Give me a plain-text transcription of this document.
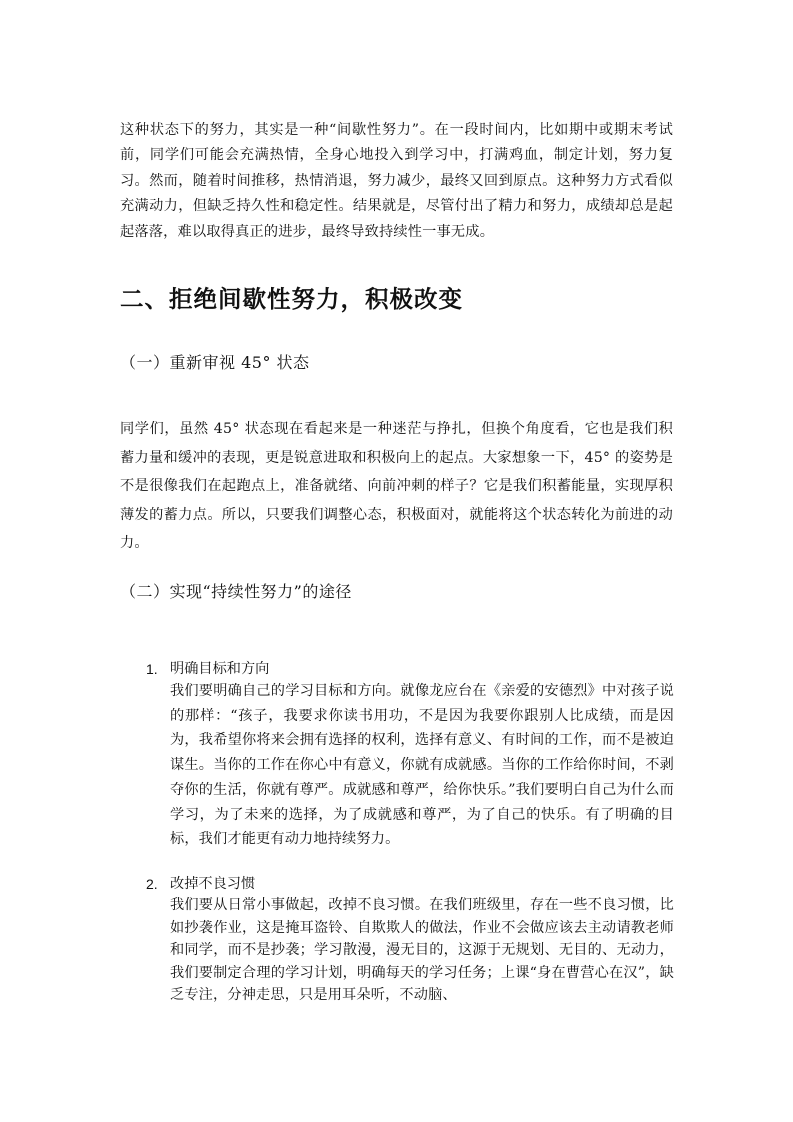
这种状态下的努力，其实是一种“间歇性努力”。在一段时间内，比如期中或期末考试前，同学们可能会充满热情，全身心地投入到学习中，打满鸡血，制定计划，努力复习。然而，随着时间推移，热情消退，努力减少，最终又回到原点。这种努力方式看似充满动力，但缺乏持久性和稳定性。结果就是，尽管付出了精力和努力，成绩却总是起起落落，难以取得真正的进步，最终导致持续性一事无成。
二、拒绝间歇性努力，积极改变
（一）重新审视 45° 状态
同学们，虽然 45° 状态现在看起来是一种迷茫与挣扎，但换个角度看，它也是我们积蓄力量和缓冲的表现，更是锐意进取和积极向上的起点。大家想象一下，45° 的姿势是不是很像我们在起跑点上，准备就绪、向前冲刺的样子？它是我们积蓄能量，实现厚积薄发的蓄力点。所以，只要我们调整心态，积极面对，就能将这个状态转化为前进的动力。
（二）实现“持续性努力”的途径
1. 明确目标和方向
我们要明确自己的学习目标和方向。就像龙应台在《亲爱的安德烈》中对孩子说的那样：“孩子，我要求你读书用功，不是因为我要你跟别人比成绩，而是因为，我希望你将来会拥有选择的权利，选择有意义、有时间的工作，而不是被迫谋生。当你的工作在你心中有意义，你就有成就感。当你的工作给你时间，不剥夺你的生活，你就有尊严。成就感和尊严，给你快乐。”我们要明白自己为什么而学习，为了未来的选择，为了成就感和尊严，为了自己的快乐。有了明确的目标，我们才能更有动力地持续努力。
2. 改掉不良习惯
我们要从日常小事做起，改掉不良习惯。在我们班级里，存在一些不良习惯，比如抄袭作业，这是掩耳盗铃、自欺欺人的做法，作业不会做应该去主动请教老师和同学，而不是抄袭；学习散漫，漫无目的，这源于无规划、无目的、无动力，我们要制定合理的学习计划，明确每天的学习任务；上课“身在曹营心在汉”，缺乏专注，分神走思，只是用耳朵听，不动脑、
